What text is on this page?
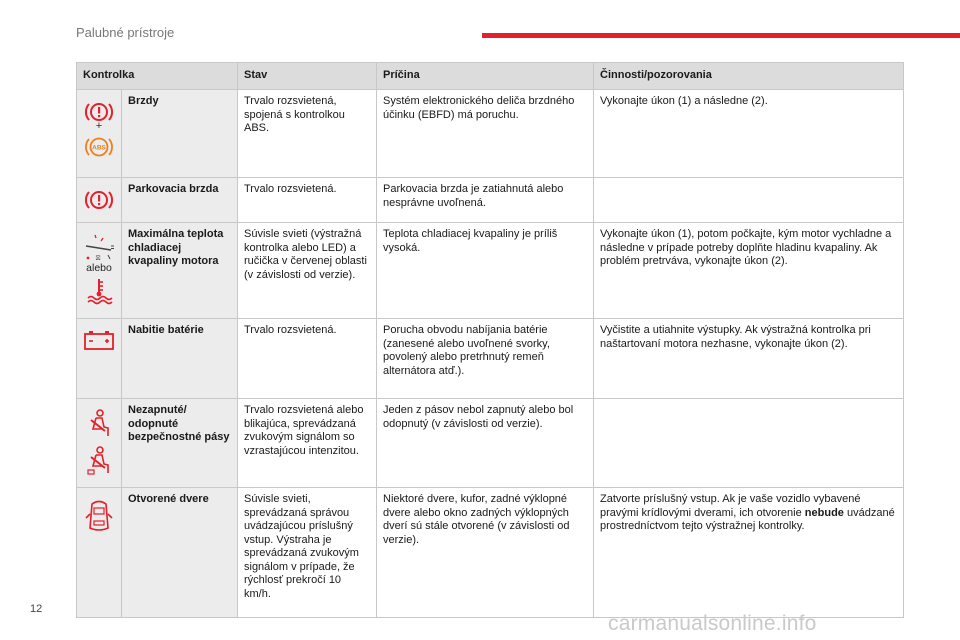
Palubné prístroje
Kontrolka		Stav	Príčina	Činnosti/pozorovania

+
ABS	Brzdy	Trvalo rozsvietená, spojená s kontrolkou ABS.	Systém elektronického deliča brzdného účinku (EBFD) má poruchu.	Vykonajte úkon (1) a následne (2).

	Parkovacia brzda	Trvalo rozsvietená.	Parkovacia brzda je zatiahnutá alebo nesprávne uvoľnená.	

⛝
alebo	Maximálna teplota chladiacej kvapaliny motora	Súvisle svieti (výstražná kontrolka alebo LED) a ručička v červenej oblasti (v závislosti od verzie).	Teplota chladiacej kvapaliny je príliš vysoká.	Vykonajte úkon (1), potom počkajte, kým motor vychladne a následne v prípade potreby doplňte hladinu kvapaliny. Ak problém pretrváva, vykonajte úkon (2).

	Nabitie batérie	Trvalo rozsvietená.	Porucha obvodu nabíjania batérie (zanesené alebo uvoľnené svorky, povolený alebo pretrhnutý remeň alternátora atď.).	Vyčistite a utiahnite výstupky. Ak výstražná kontrolka pri naštartovaní motora nezhasne, vykonajte úkon (2).

	Nezapnuté/ odopnuté bezpečnostné pásy	Trvalo rozsvietená alebo blikajúca, sprevádzaná zvukovým signálom so vzrastajúcou intenzitou.	Jeden z pásov nebol zapnutý alebo bol odopnutý (v závislosti od verzie).	

	Otvorené dvere	Súvisle svieti, sprevádzaná správou uvádzajúcou príslušný vstup. Výstraha je sprevádzaná zvukovým signálom v prípade, že rýchlosť prekročí 10 km/h.	Niektoré dvere, kufor, zadné výklopné dvere alebo okno zadných výklopných dverí sú stále otvorené (v závislosti od verzie).	Zatvorte príslušný vstup. Ak je vaše vozidlo vybavené pravými krídlovými dverami, ich otvorenie nebude uvádzané prostredníctvom tejto výstražnej kontrolky.
12
carmanualsonline.info
